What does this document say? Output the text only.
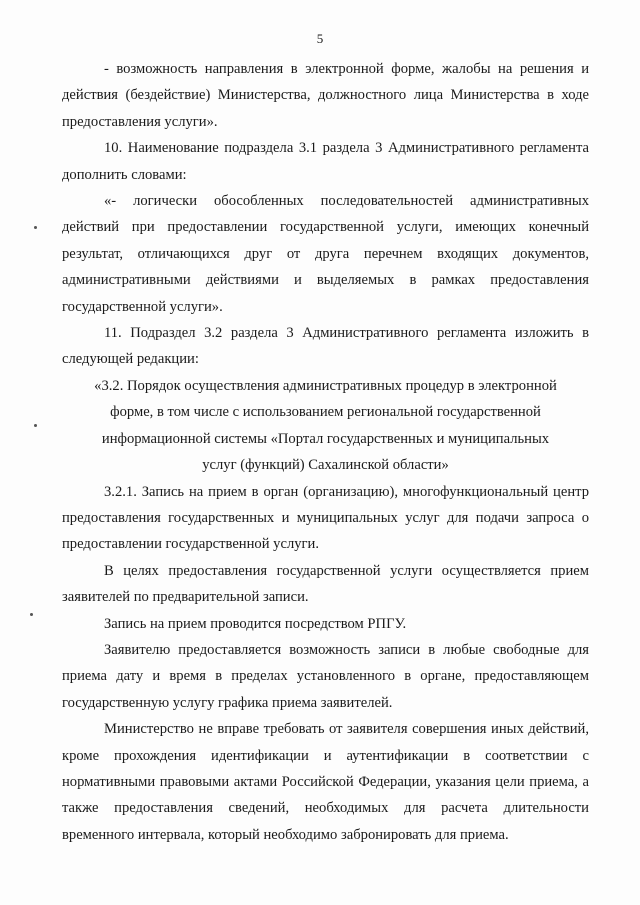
5

- возможность направления в электронной форме, жалобы на решения и действия (бездействие) Министерства, должностного лица Министерства в ходе предоставления услуги».

10. Наименование подраздела 3.1 раздела 3 Административного регламента дополнить словами:

«- логически обособленных последовательностей административных действий при предоставлении государственной услуги, имеющих конечный результат, отличающихся друг от друга перечнем входящих документов, административными действиями и выделяемых в рамках предоставления государственной услуги».

11. Подраздел 3.2 раздела 3 Административного регламента изложить в следующей редакции:

«3.2. Порядок осуществления административных процедур в электронной форме, в том числе с использованием региональной государственной информационной системы «Портал государственных и муниципальных услуг (функций) Сахалинской области»

3.2.1. Запись на прием в орган (организацию), многофункциональный центр предоставления государственных и муниципальных услуг для подачи запроса о предоставлении государственной услуги.

В целях предоставления государственной услуги осуществляется прием заявителей по предварительной записи.

Запись на прием проводится посредством РПГУ.

Заявителю предоставляется возможность записи в любые свободные для приема дату и время в пределах установленного в органе, предоставляющем государственную услугу графика приема заявителей.

Министерство не вправе требовать от заявителя совершения иных действий, кроме прохождения идентификации и аутентификации в соответствии с нормативными правовыми актами Российской Федерации, указания цели приема, а также предоставления сведений, необходимых для расчета длительности временного интервала, который необходимо забронировать для приема.
